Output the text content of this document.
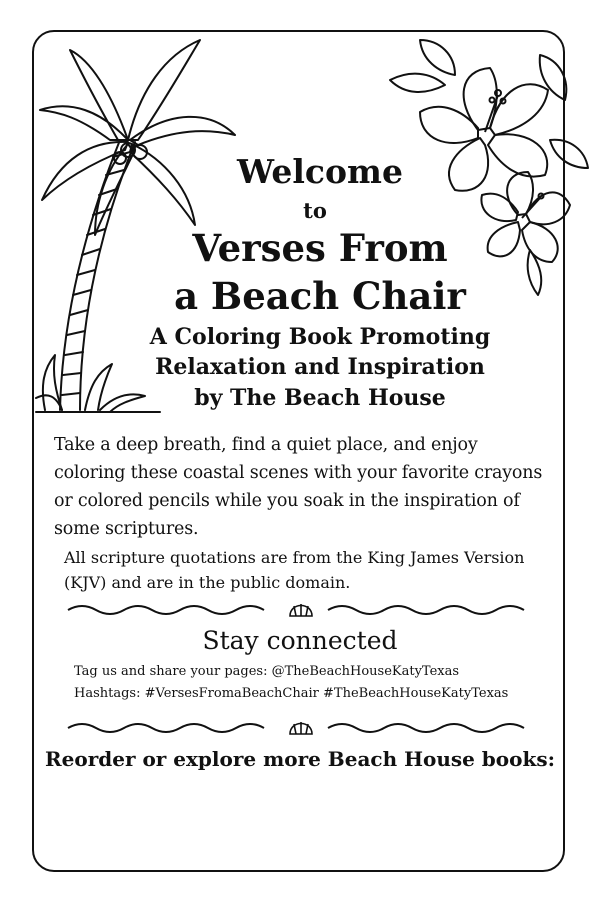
Welcome
to
Verses From
a Beach Chair
A Coloring Book Promoting Relaxation and Inspiration
by The Beach House
Take a deep breath, find a quiet place, and enjoy coloring these coastal scenes with your favorite crayons or colored pencils while you soak in the inspiration of some scriptures.
All scripture quotations are from the King James Version (KJV) and are in the public domain.
Stay connected
Tag us and share your pages: @TheBeachHouseKatyTexas
Hashtags: #VersesFromaBeachChair #TheBeachHouseKatyTexas
Reorder or explore more Beach House books:
